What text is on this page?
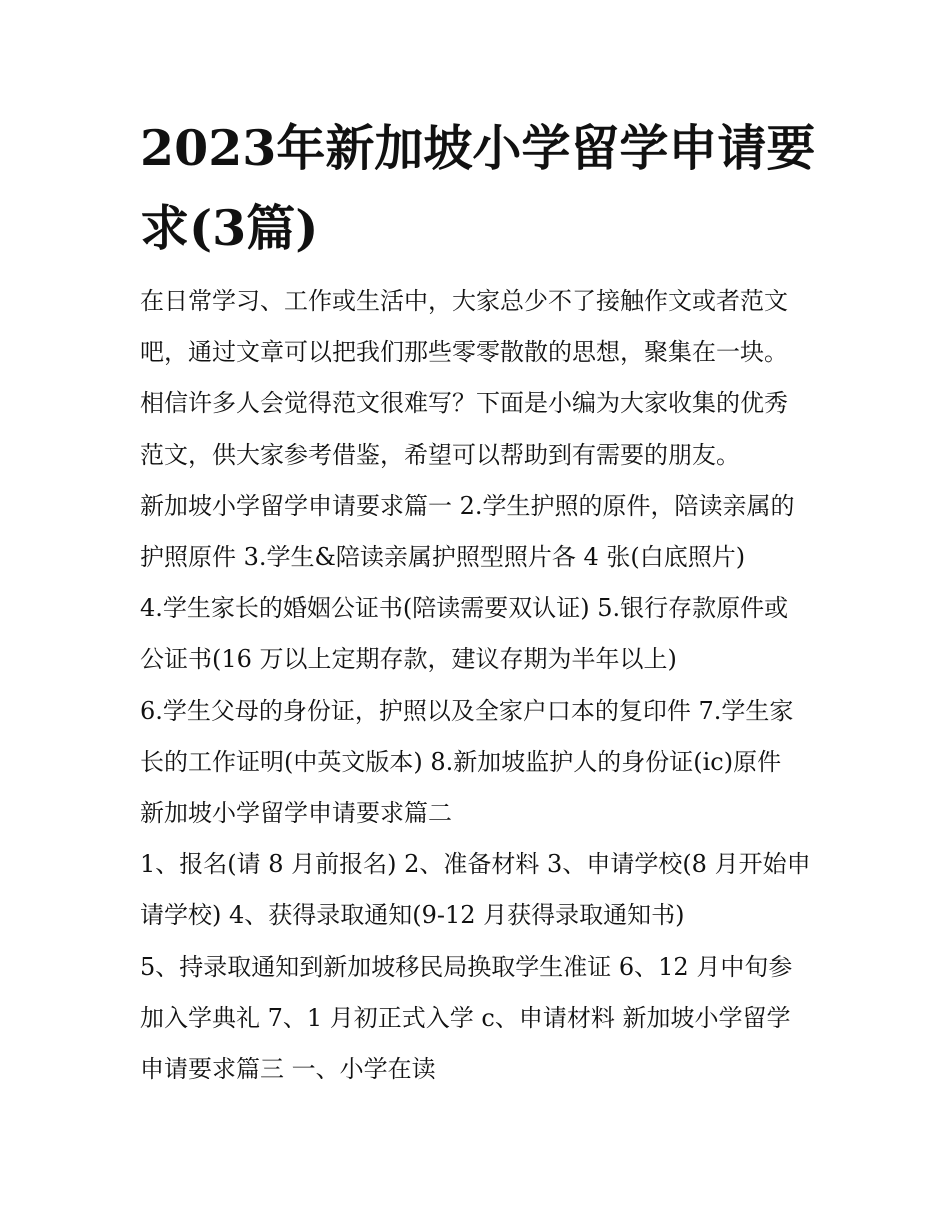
2023年新加坡小学留学申请要
求(3篇)
在日常学习、工作或生活中，大家总少不了接触作文或者范文
吧，通过文章可以把我们那些零零散散的思想，聚集在一块。
相信许多人会觉得范文很难写？下面是小编为大家收集的优秀
范文，供大家参考借鉴，希望可以帮助到有需要的朋友。
新加坡小学留学申请要求篇一 2.学生护照的原件，陪读亲属的
护照原件 3.学生&陪读亲属护照型照片各 4 张(白底照片)
4.学生家长的婚姻公证书(陪读需要双认证) 5.银行存款原件或
公证书(16 万以上定期存款，建议存期为半年以上)
6.学生父母的身份证，护照以及全家户口本的复印件 7.学生家
长的工作证明(中英文版本) 8.新加坡监护人的身份证(ic)原件
新加坡小学留学申请要求篇二
1、报名(请 8 月前报名) 2、准备材料 3、申请学校(8 月开始申
请学校) 4、获得录取通知(9-12 月获得录取通知书)
5、持录取通知到新加坡移民局换取学生准证 6、12 月中旬参
加入学典礼 7、1 月初正式入学 c、申请材料 新加坡小学留学
申请要求篇三 一、小学在读
